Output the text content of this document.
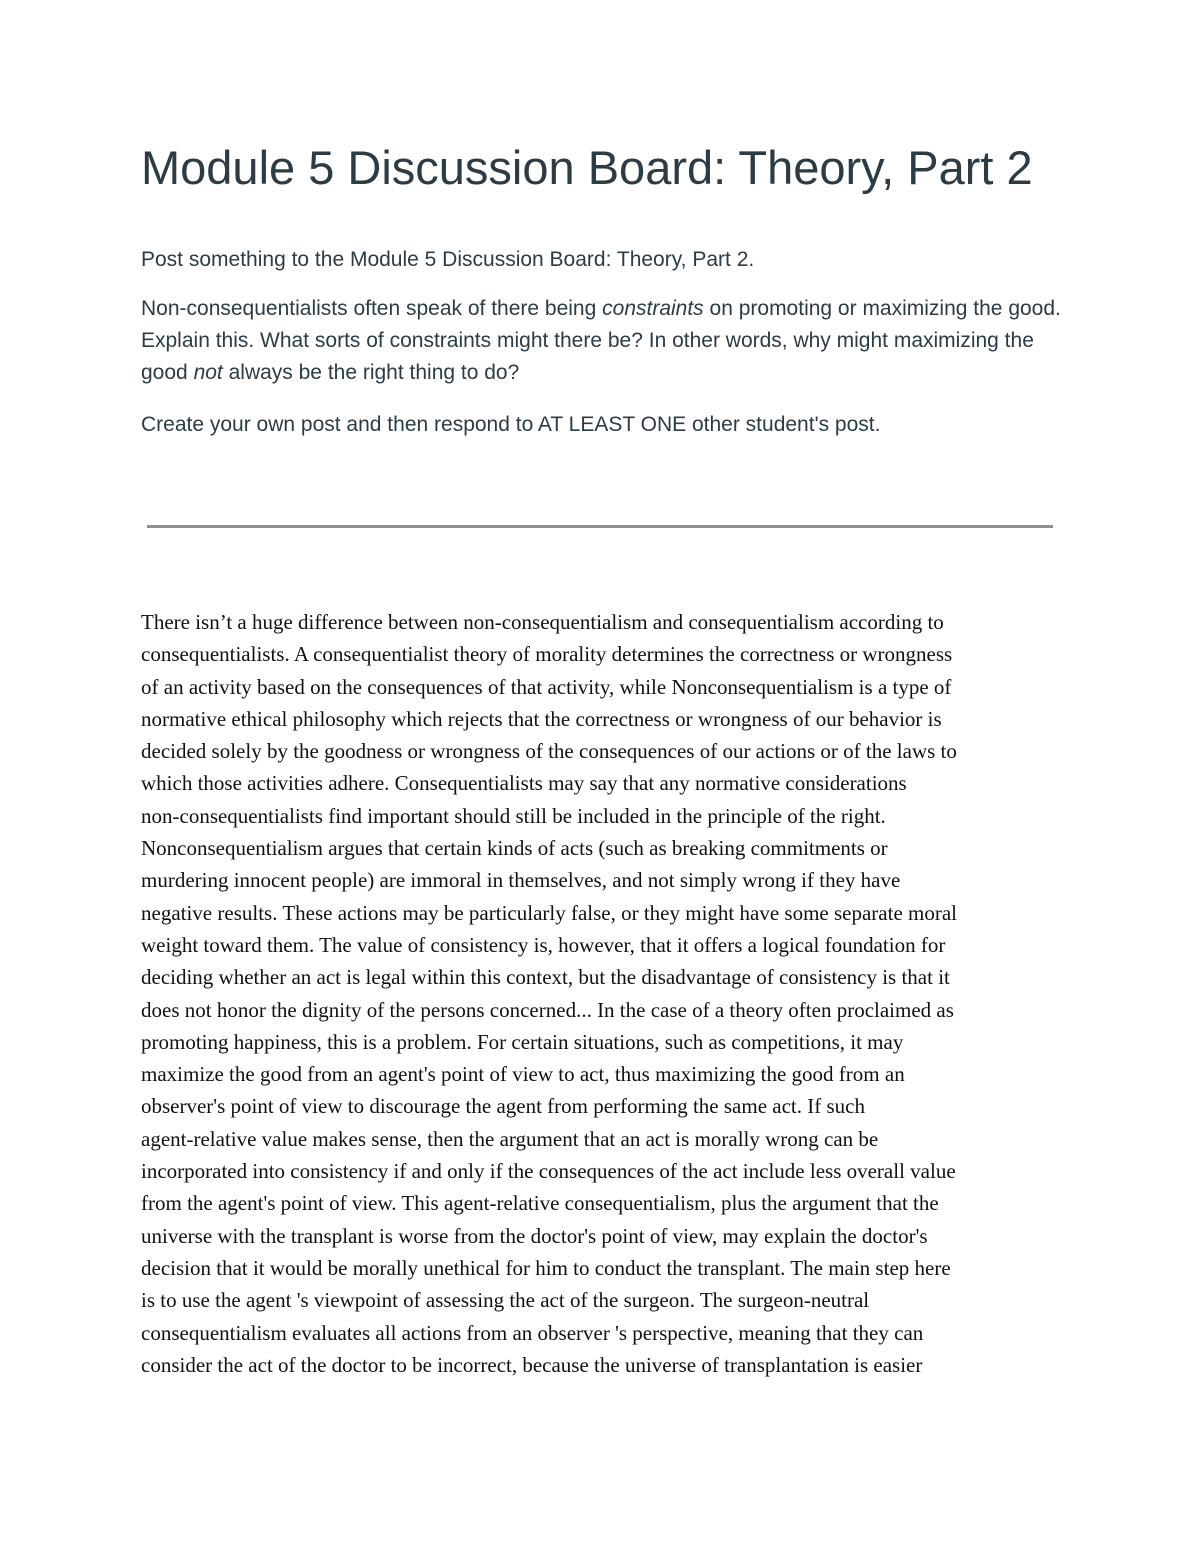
Module 5 Discussion Board: Theory, Part 2

Post something to the Module 5 Discussion Board: Theory, Part 2.

Non-consequentialists often speak of there being constraints on promoting or maximizing the good. Explain this. What sorts of constraints might there be? In other words, why might maximizing the good not always be the right thing to do?

Create your own post and then respond to AT LEAST ONE other student's post.

There isn’t a huge difference between non-consequentialism and consequentialism according to
consequentialists. A consequentialist theory of morality determines the correctness or wrongness
of an activity based on the consequences of that activity, while Nonconsequentialism is a type of
normative ethical philosophy which rejects that the correctness or wrongness of our behavior is
decided solely by the goodness or wrongness of the consequences of our actions or of the laws to
which those activities adhere. Consequentialists may say that any normative considerations
non-consequentialists find important should still be included in the principle of the right.
Nonconsequentialism argues that certain kinds of acts (such as breaking commitments or
murdering innocent people) are immoral in themselves, and not simply wrong if they have
negative results. These actions may be particularly false, or they might have some separate moral
weight toward them. The value of consistency is, however, that it offers a logical foundation for
deciding whether an act is legal within this context, but the disadvantage of consistency is that it
does not honor the dignity of the persons concerned... In the case of a theory often proclaimed as
promoting happiness, this is a problem. For certain situations, such as competitions, it may
maximize the good from an agent's point of view to act, thus maximizing the good from an
observer's point of view to discourage the agent from performing the same act. If such
agent-relative value makes sense, then the argument that an act is morally wrong can be
incorporated into consistency if and only if the consequences of the act include less overall value
from the agent's point of view. This agent-relative consequentialism, plus the argument that the
universe with the transplant is worse from the doctor's point of view, may explain the doctor's
decision that it would be morally unethical for him to conduct the transplant. The main step here
is to use the agent 's viewpoint of assessing the act of the surgeon. The surgeon-neutral
consequentialism evaluates all actions from an observer 's perspective, meaning that they can
consider the act of the doctor to be incorrect, because the universe of transplantation is easier
